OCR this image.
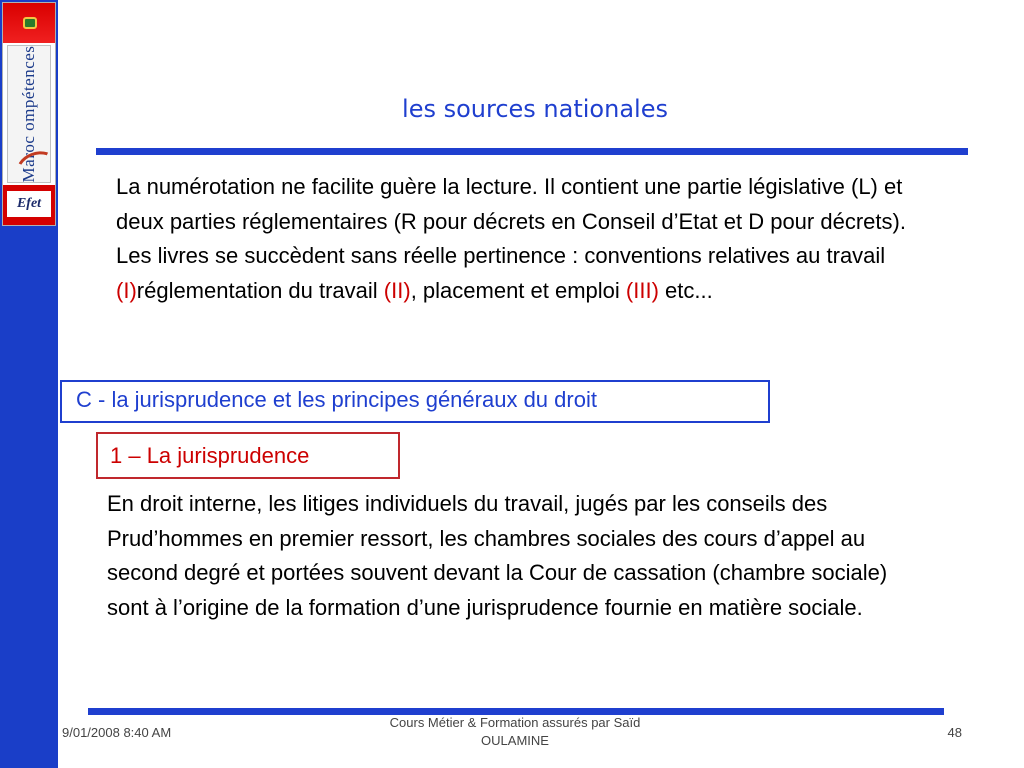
Maroc ompétences
Efet
les sources nationales
La numérotation ne facilite guère la lecture. Il contient une partie législative (L) et deux parties réglementaires (R pour décrets en Conseil d’Etat et D pour décrets).
Les livres se succèdent sans réelle pertinence : conventions relatives au travail (I)réglementation du travail (II), placement et emploi (III) etc...
C - la jurisprudence et les principes généraux du droit
1 – La jurisprudence
En droit interne, les litiges individuels du travail, jugés par les conseils des Prud’hommes en premier ressort, les chambres sociales des cours d’appel au second degré et portées souvent devant la Cour de cassation (chambre sociale) sont à l’origine de la formation d’une jurisprudence fournie en matière sociale.
9/01/2008 8:40 AM
Cours Métier & Formation assurés par Saïd
OULAMINE
48
